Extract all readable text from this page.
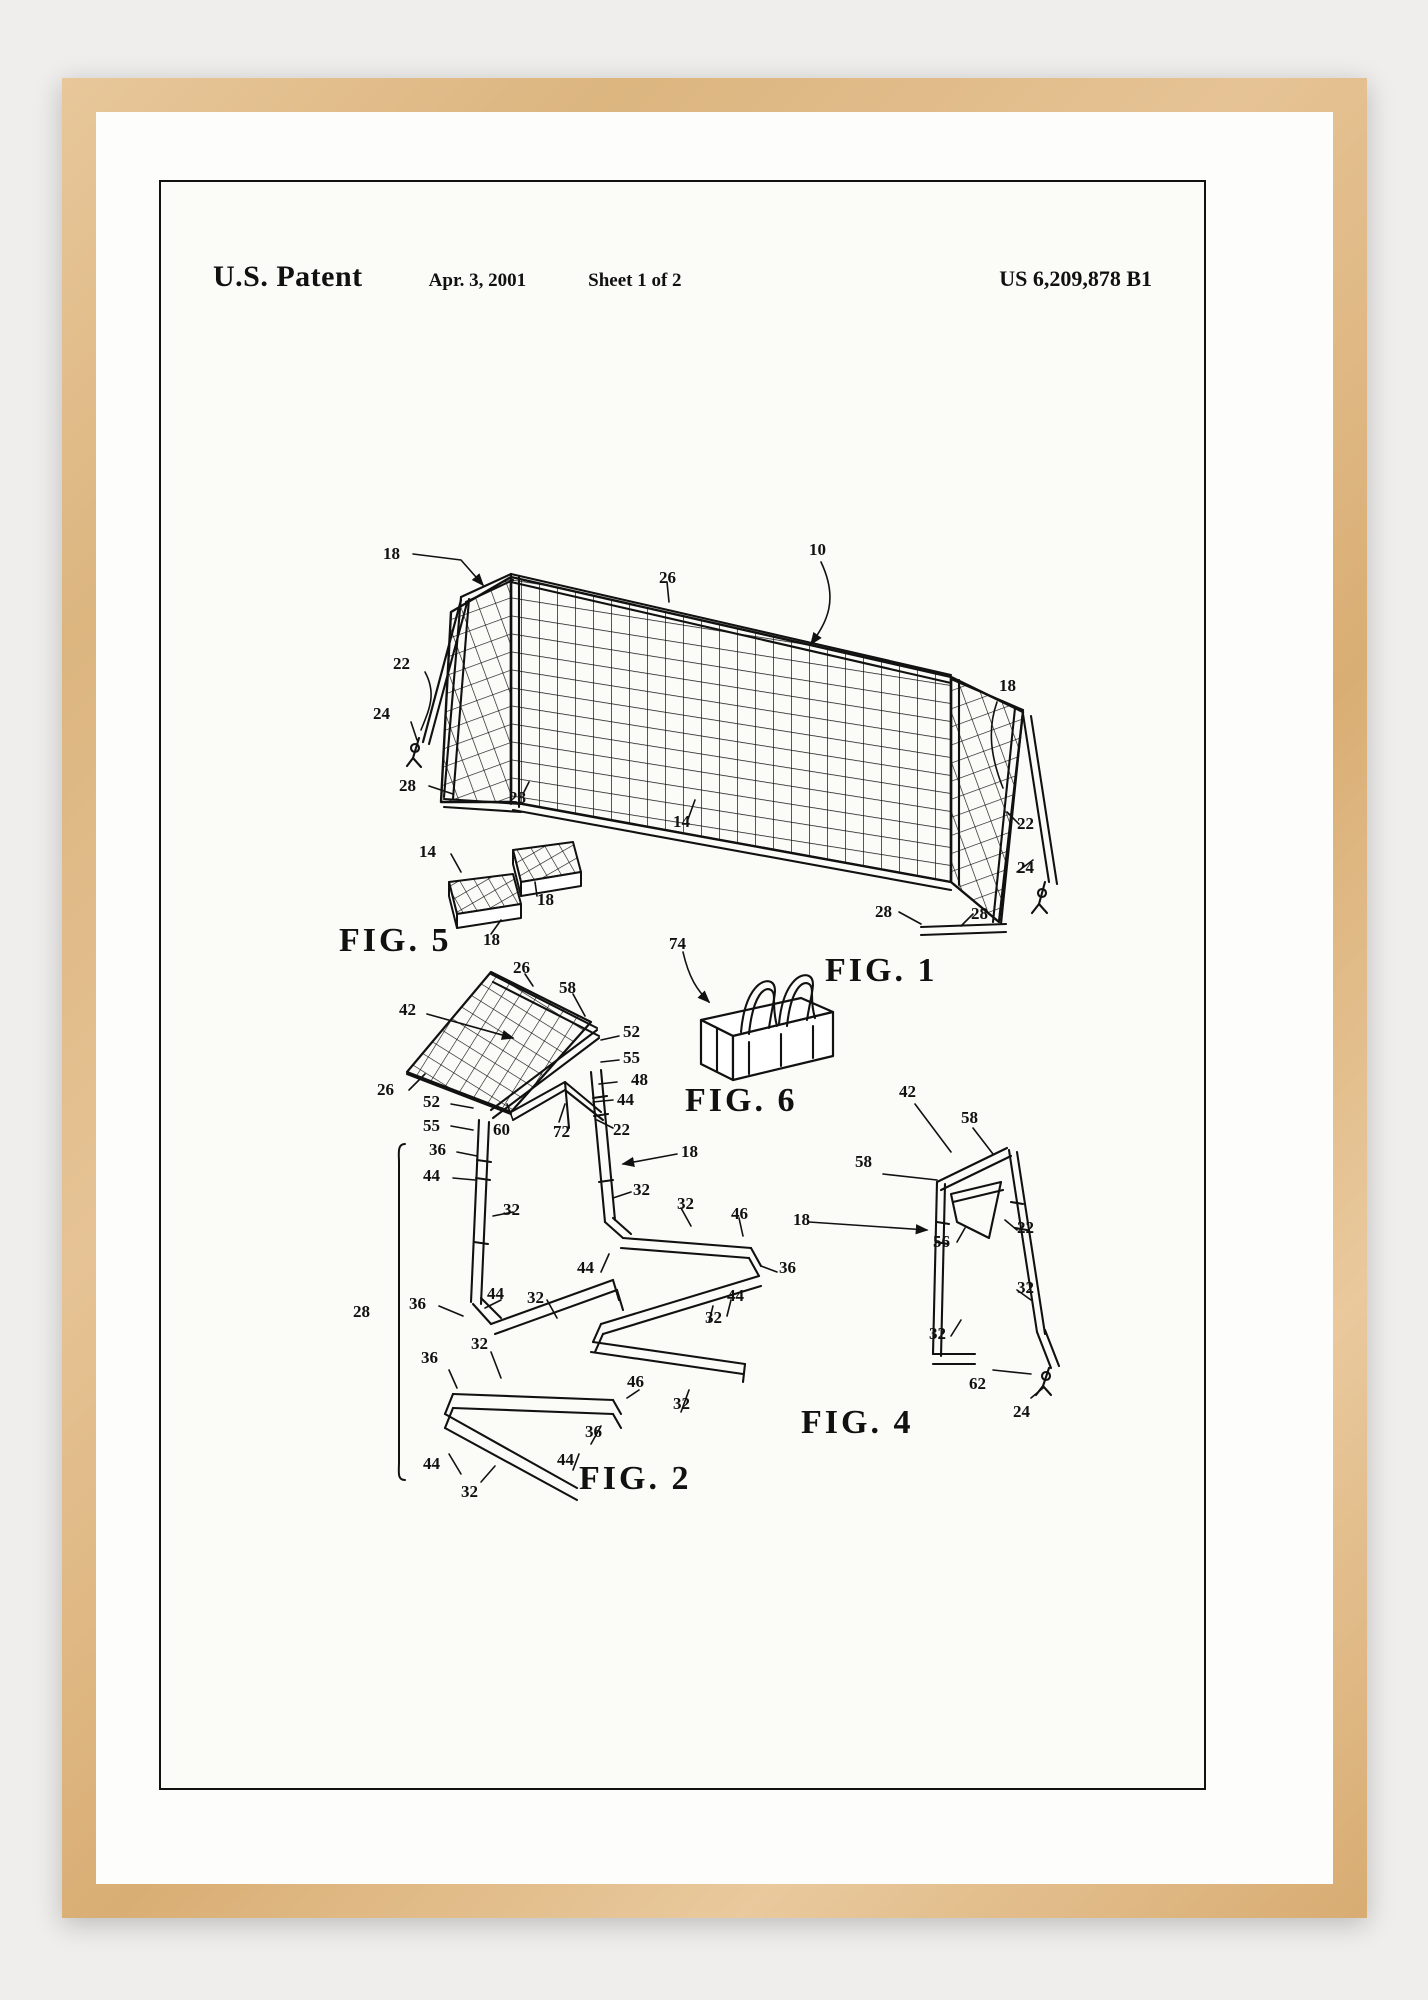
U.S. Patent	Apr. 3, 2001	Sheet 1 of 2	US 6,209,878 B1
18
26
10
22
24
28
28
14
18
22
24
28	28
14
18
18	74
26
58
42
52
55
48
44
26
52
55
36
44
60	72	22
18
32
32	32
46
36
44
32
44
44
36	32
46
32
36
32
36
44
44
32
28
42
58
58
18	22
56
32
32
62
24
FIG. 5
FIG. 1
FIG. 6
FIG. 2
FIG. 4
